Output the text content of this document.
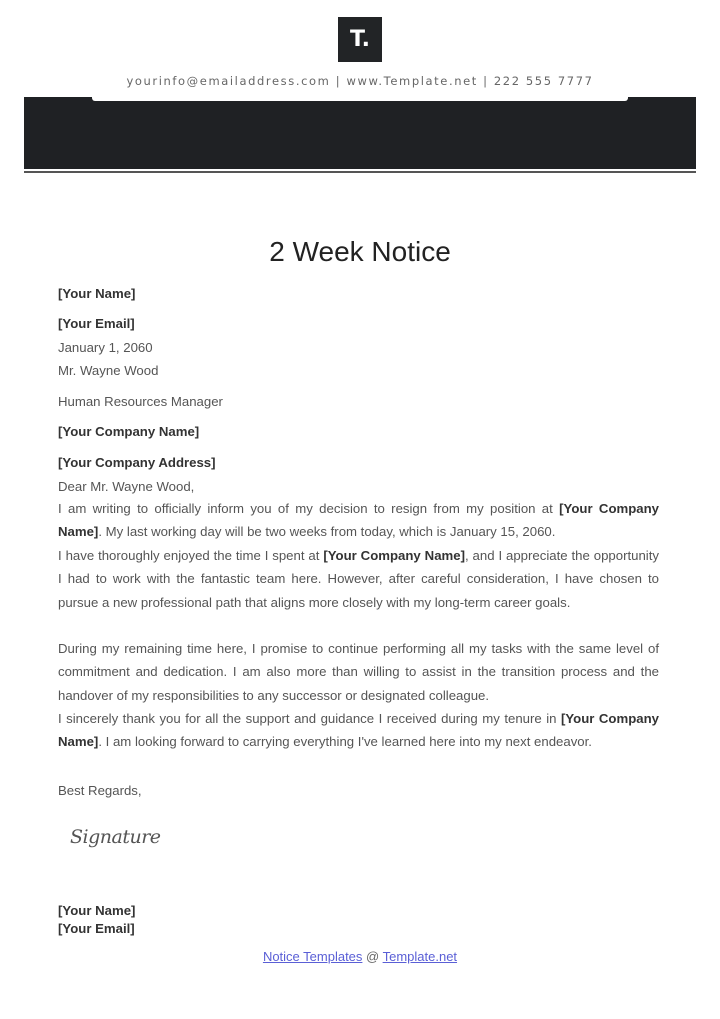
T.
yourinfo@emailaddress.com | www.Template.net | 222 555 7777
2 Week Notice
[Your Name]
[Your Email]
January 1, 2060
Mr. Wayne Wood
Human Resources Manager
[Your Company Name]
[Your Company Address]
Dear Mr. Wayne Wood,
I am writing to officially inform you of my decision to resign from my position at [Your Company Name]. My last working day will be two weeks from today, which is January 15, 2060.
I have thoroughly enjoyed the time I spent at [Your Company Name], and I appreciate the opportunity I had to work with the fantastic team here. However, after careful consideration, I have chosen to pursue a new professional path that aligns more closely with my long-term career goals.
During my remaining time here, I promise to continue performing all my tasks with the same level of commitment and dedication. I am also more than willing to assist in the transition process and the handover of my responsibilities to any successor or designated colleague.
I sincerely thank you for all the support and guidance I received during my tenure in [Your Company Name]. I am looking forward to carrying everything I've learned here into my next endeavor.
Best Regards,
Signature
[Your Name]
[Your Email]
Notice Templates @ Template.net
